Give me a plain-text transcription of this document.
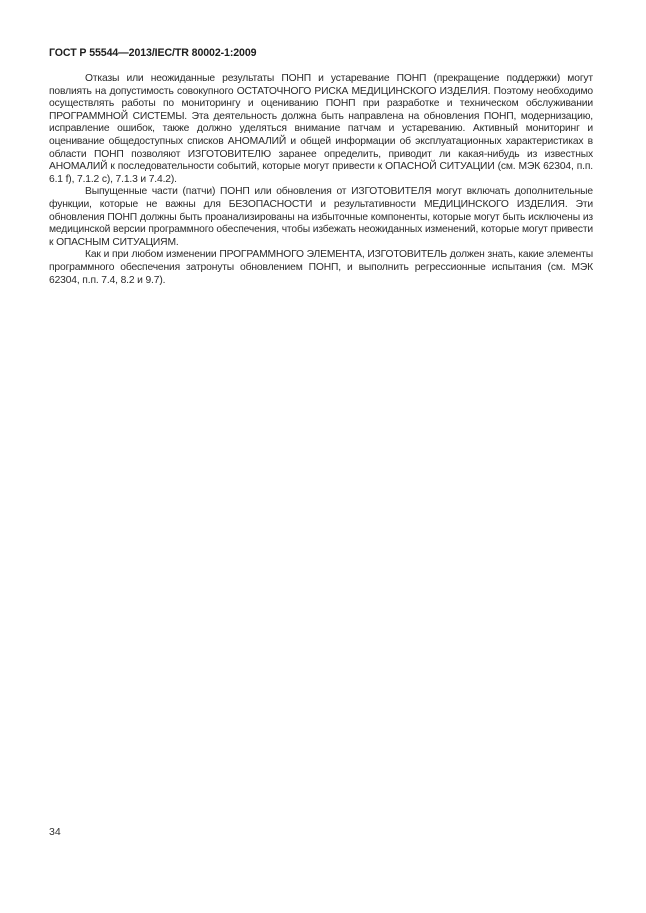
ГОСТ Р 55544—2013/IEC/TR 80002-1:2009

Отказы или неожиданные результаты ПОНП и устаревание ПОНП (прекращение поддержки) могут повлиять на допустимость совокупного ОСТАТОЧНОГО РИСКА МЕДИЦИНСКОГО ИЗДЕЛИЯ. Поэтому необходимо осуществлять работы по мониторингу и оцениванию ПОНП при разработке и техническом обслуживании ПРОГРАММНОЙ СИСТЕМЫ. Эта деятельность должна быть направлена на обновления ПОНП, модернизацию, исправление ошибок, также должно уделяться внимание патчам и устареванию. Активный мониторинг и оценивание общедоступных списков АНОМАЛИЙ и общей информации об эксплуатационных характеристиках в области ПОНП позволяют ИЗГОТОВИТЕЛЮ заранее определить, приводит ли какая-нибудь из известных АНОМАЛИЙ к последовательности событий, которые могут привести к ОПАСНОЙ СИТУАЦИИ (см. МЭК 62304, п.п. 6.1 f), 7.1.2 с), 7.1.3 и 7.4.2).

Выпущенные части (патчи) ПОНП или обновления от ИЗГОТОВИТЕЛЯ могут включать дополнительные функции, которые не важны для БЕЗОПАСНОСТИ и результативности МЕДИЦИНСКОГО ИЗДЕЛИЯ. Эти обновления ПОНП должны быть проанализированы на избыточные компоненты, которые могут быть исключены из медицинской версии программного обеспечения, чтобы избежать неожиданных изменений, которые могут привести к ОПАСНЫМ СИТУАЦИЯМ.

Как и при любом изменении ПРОГРАММНОГО ЭЛЕМЕНТА, ИЗГОТОВИТЕЛЬ должен знать, какие элементы программного обеспечения затронуты обновлением ПОНП, и выполнить регрессионные испытания (см. МЭК 62304, п.п. 7.4, 8.2 и 9.7).

34
